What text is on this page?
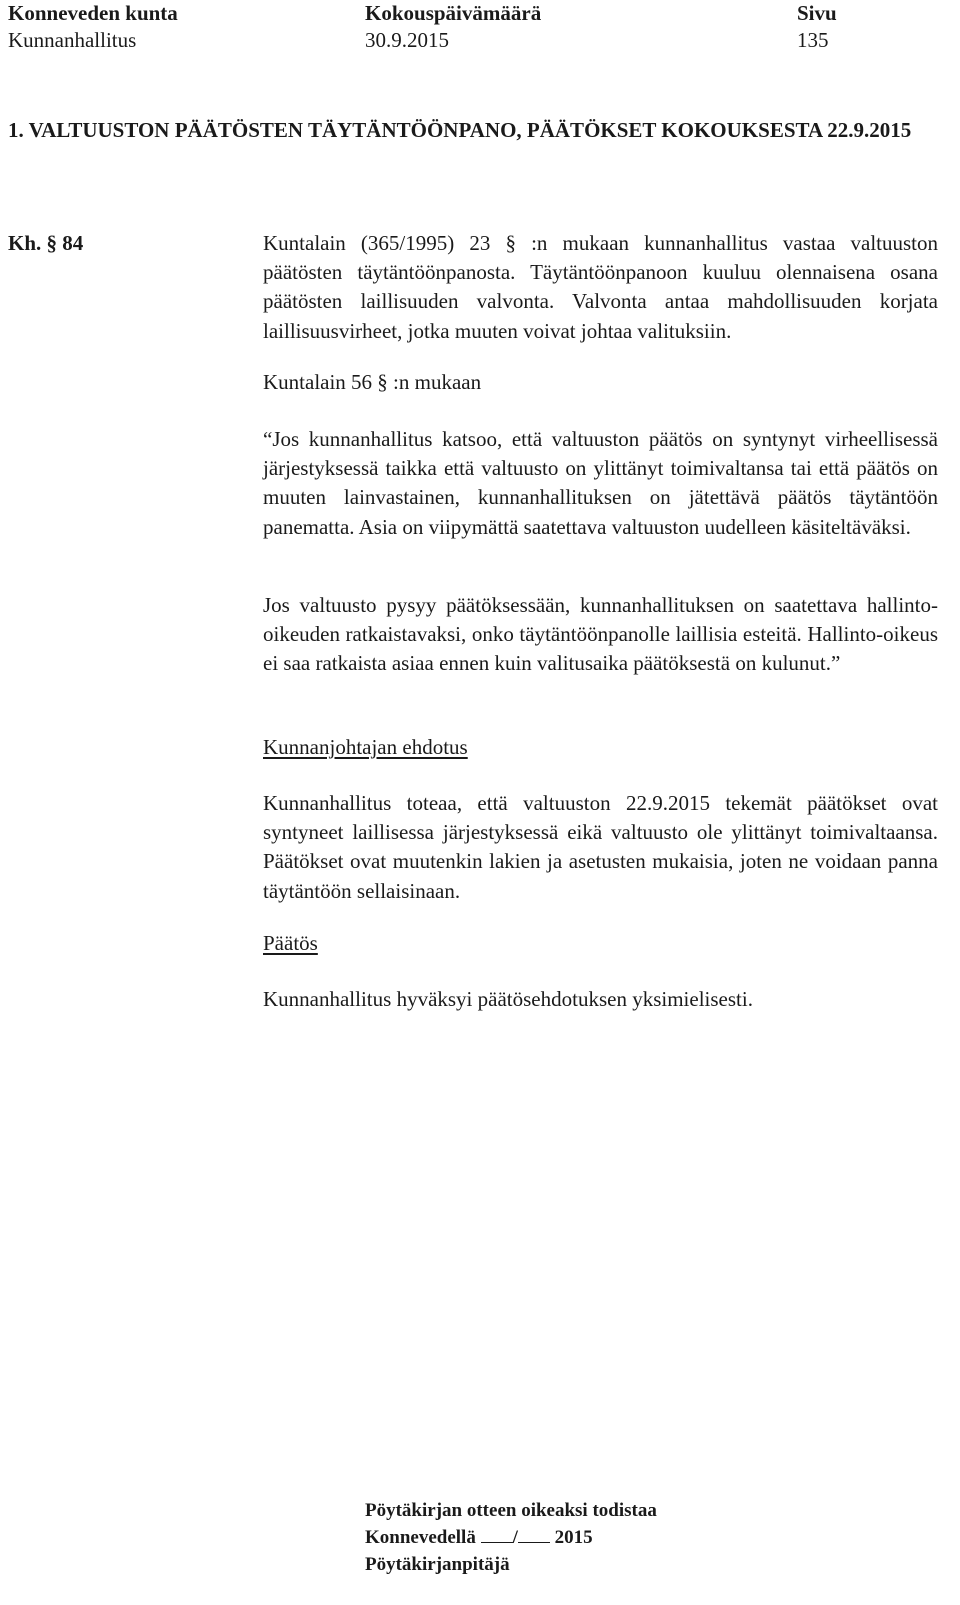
Konneveden kunta
Kunnanhallitus
Kokouspäivämäärä
30.9.2015
Sivu
135
1. VALTUUSTON PÄÄTÖSTEN TÄYTÄNTÖÖNPANO, PÄÄTÖKSET KOKOUKSESTA 22.9.2015
Kh. § 84	Kuntalain (365/1995) 23 § :n mukaan kunnanhallitus vastaa valtuuston päätösten täytäntöönpanosta. Täytäntöönpanoon kuuluu olennaisena osana päätösten laillisuuden valvonta. Valvonta antaa mahdollisuuden korjata laillisuusvirheet, jotka muuten voivat johtaa valituksiin.

Kuntalain 56 § :n mukaan

“Jos kunnanhallitus katsoo, että valtuuston päätös on syntynyt virheellisessä järjestyksessä taikka että valtuusto on ylittänyt toimivaltansa tai että päätös on muuten lainvastainen, kunnanhallituksen on jätettävä päätös täytäntöön panematta. Asia on viipymättä saatettava valtuuston uudelleen käsiteltäväksi.

Jos valtuusto pysyy päätöksessään, kunnanhallituksen on saatettava hallinto-oikeuden ratkaistavaksi, onko täytäntöönpanolle laillisia esteitä. Hallinto-oikeus ei saa ratkaista asiaa ennen kuin valitusaika päätöksestä on kulunut.”

Kunnanjohtajan ehdotus

Kunnanhallitus toteaa, että valtuuston 22.9.2015 tekemät päätökset ovat syntyneet laillisessa järjestyksessä eikä valtuusto ole ylittänyt toimivaltaansa. Päätökset ovat muutenkin lakien ja asetusten mukaisia, joten ne voidaan panna täytäntöön sellaisinaan.

Päätös

Kunnanhallitus hyväksyi päätösehdotuksen yksimielisesti.

Pöytäkirjan otteen oikeaksi todistaa
Konnevedellä / 2015
Pöytäkirjanpitäjä
